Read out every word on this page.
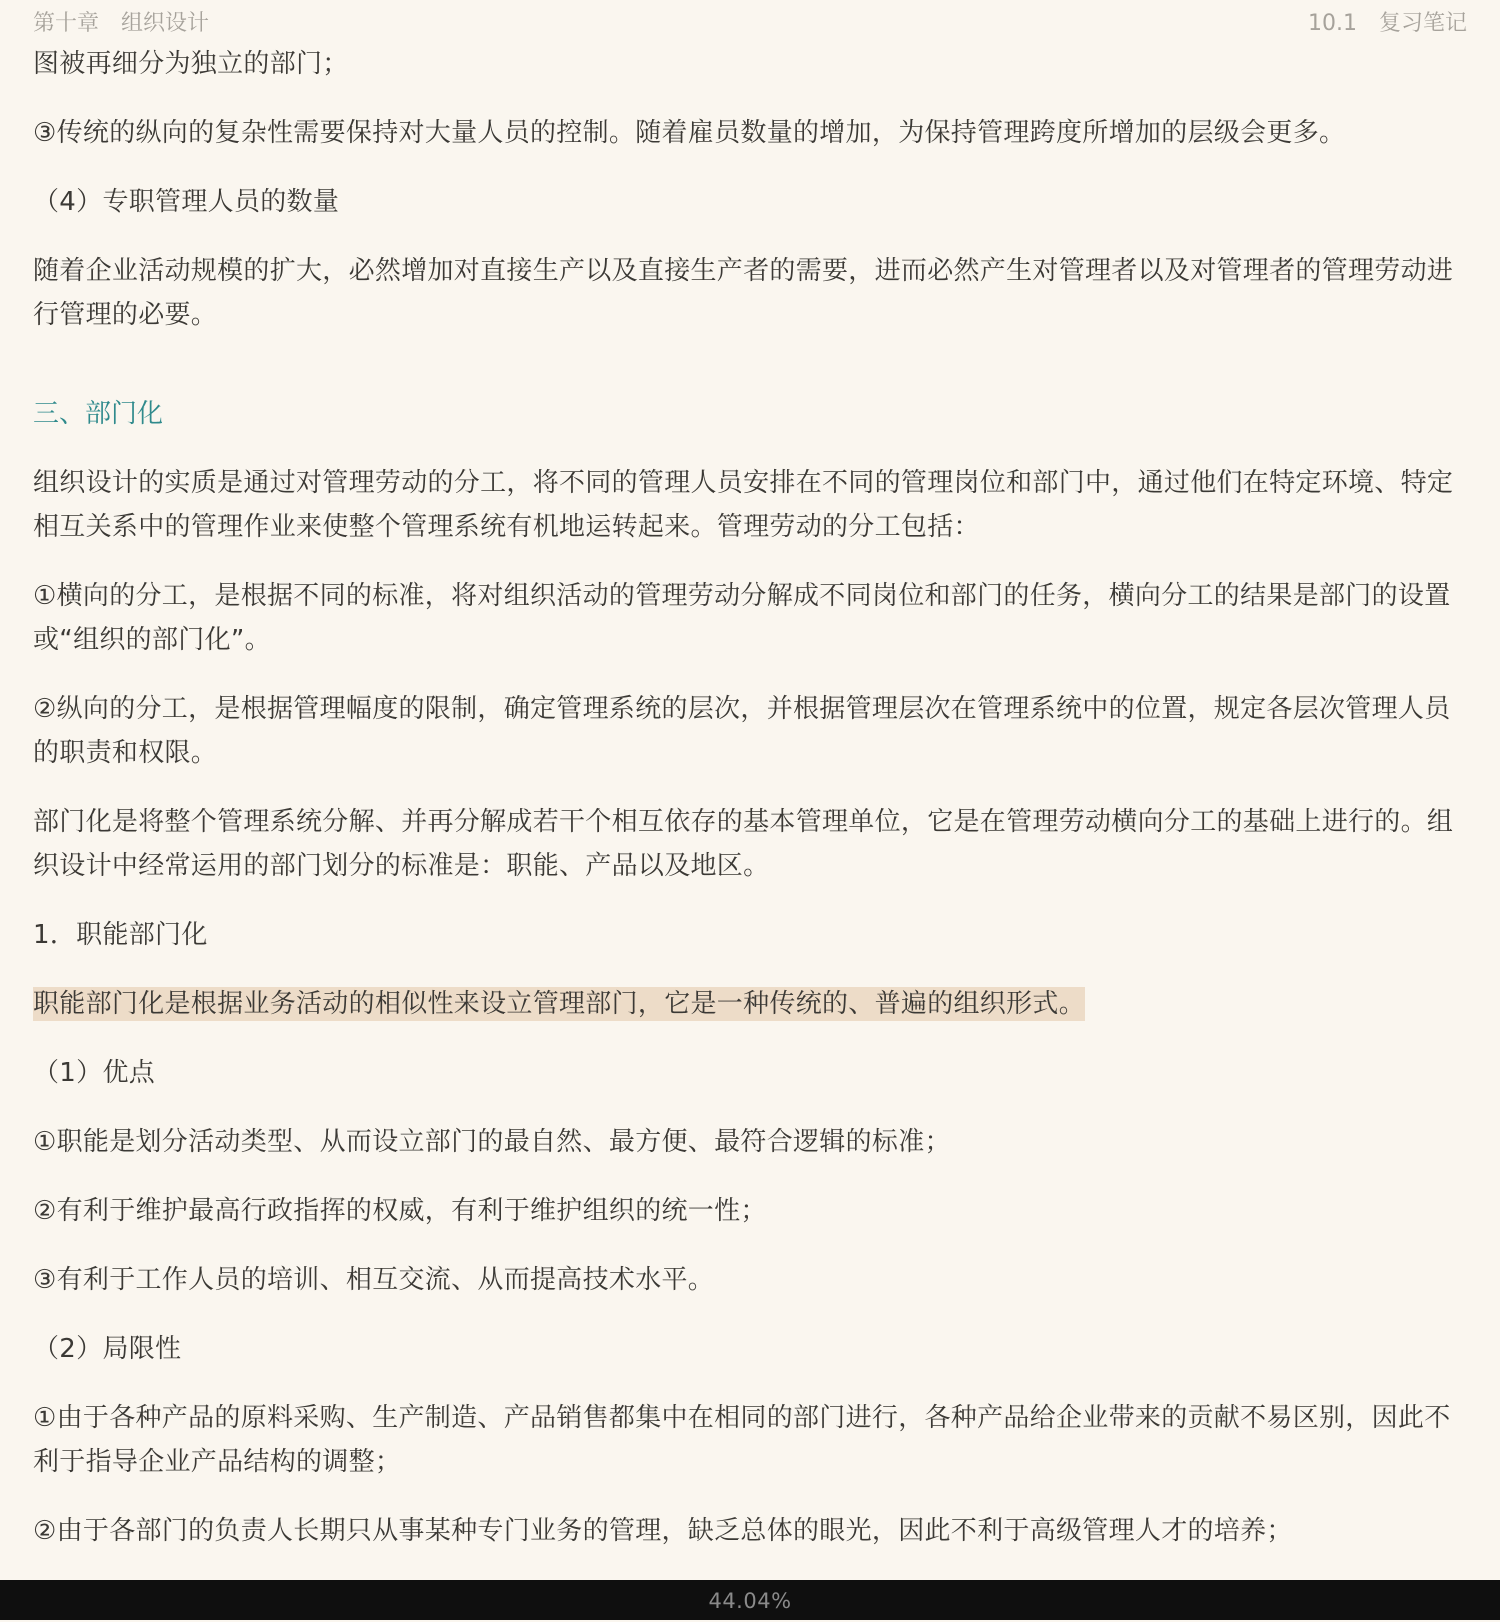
第十章　组织设计	10.1　复习笔记

图被再细分为独立的部门；

③传统的纵向的复杂性需要保持对大量人员的控制。随着雇员数量的增加，为保持管理跨度所增加的层级会更多。

（4）专职管理人员的数量

随着企业活动规模的扩大，必然增加对直接生产以及直接生产者的需要，进而必然产生对管理者以及对管理者的管理劳动进行管理的必要。

三、部门化

组织设计的实质是通过对管理劳动的分工，将不同的管理人员安排在不同的管理岗位和部门中，通过他们在特定环境、特定相互关系中的管理作业来使整个管理系统有机地运转起来。管理劳动的分工包括：

①横向的分工，是根据不同的标准，将对组织活动的管理劳动分解成不同岗位和部门的任务，横向分工的结果是部门的设置或“组织的部门化”。

②纵向的分工，是根据管理幅度的限制，确定管理系统的层次，并根据管理层次在管理系统中的位置，规定各层次管理人员的职责和权限。

部门化是将整个管理系统分解、并再分解成若干个相互依存的基本管理单位，它是在管理劳动横向分工的基础上进行的。组织设计中经常运用的部门划分的标准是：职能、产品以及地区。

1．职能部门化

职能部门化是根据业务活动的相似性来设立管理部门，它是一种传统的、普遍的组织形式。

（1）优点

①职能是划分活动类型、从而设立部门的最自然、最方便、最符合逻辑的标准；

②有利于维护最高行政指挥的权威，有利于维护组织的统一性；

③有利于工作人员的培训、相互交流、从而提高技术水平。

（2）局限性

①由于各种产品的原料采购、生产制造、产品销售都集中在相同的部门进行，各种产品给企业带来的贡献不易区别，因此不利于指导企业产品结构的调整；

②由于各部门的负责人长期只从事某种专门业务的管理，缺乏总体的眼光，因此不利于高级管理人才的培养；

44.04%
